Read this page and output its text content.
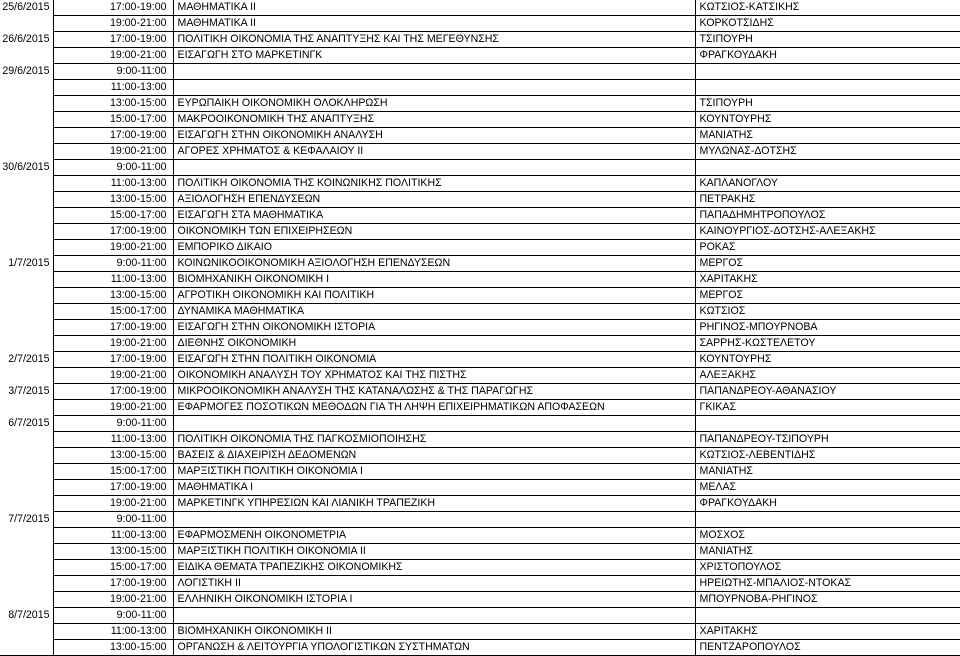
25/6/2015	17:00-19:00	ΜΑΘΗΜΑΤΙΚΑ ΙΙ	ΚΩΤΣΙΟΣ-ΚΑΤΣΙΚΗΣ
	19:00-21:00	ΜΑΘΗΜΑΤΙΚΑ ΙΙ	ΚΟΡΚΟΤΣΙΔΗΣ
26/6/2015	17:00-19:00	ΠΟΛΙΤΙΚΗ ΟΙΚΟΝΟΜΙΑ ΤΗΣ ΑΝΑΠΤΥΞΗΣ ΚΑΙ ΤΗΣ ΜΕΓΕΘΥΝΣΗΣ	ΤΣΙΠΟΥΡΗ
	19:00-21:00	ΕΙΣΑΓΩΓΗ ΣΤΟ ΜΑΡΚΕΤΙΝΓΚ	ΦΡΑΓΚΟΥΔΑΚΗ
29/6/2015	9:00-11:00		
	11:00-13:00		
	13:00-15:00	ΕΥΡΩΠΑΙΚΗ ΟΙΚΟΝΟΜΙΚΗ ΟΛΟΚΛΗΡΩΣΗ	ΤΣΙΠΟΥΡΗ
	15:00-17:00	ΜΑΚΡΟΟΙΚΟΝΟΜΙΚΗ ΤΗΣ ΑΝΑΠΤΥΞΗΣ	ΚΟΥΝΤΟΥΡΗΣ
	17:00-19:00	ΕΙΣΑΓΩΓΗ ΣΤΗΝ ΟΙΚΟΝΟΜΙΚΗ ΑΝΑΛΥΣΗ	ΜΑΝΙΑΤΗΣ
	19:00-21:00	ΑΓΟΡΕΣ ΧΡΗΜΑΤΟΣ & ΚΕΦΑΛΑΙΟΥ ΙΙ	ΜΥΛΩΝΑΣ-ΔΟΤΣΗΣ
30/6/2015	9:00-11:00		
	11:00-13:00	ΠΟΛΙΤΙΚΗ ΟΙΚΟΝΟΜΙΑ ΤΗΣ ΚΟΙΝΩΝΙΚΗΣ ΠΟΛΙΤΙΚΗΣ	ΚΑΠΛΑΝΟΓΛΟΥ
	13:00-15:00	ΑΞΙΟΛΟΓΗΣΗ ΕΠΕΝΔΥΣΕΩΝ	ΠΕΤΡΑΚΗΣ
	15:00-17:00	ΕΙΣΑΓΩΓΗ ΣΤΑ ΜΑΘΗΜΑΤΙΚΑ	ΠΑΠΑΔΗΜΗΤΡΟΠΟΥΛΟΣ
	17:00-19:00	ΟΙΚΟΝΟΜΙΚΗ ΤΩΝ ΕΠΙΧΕΙΡΗΣΕΩΝ	ΚΑΙΝΟΥΡΓΙΟΣ-ΔΟΤΣΗΣ-ΑΛΕΞΑΚΗΣ
	19:00-21:00	ΕΜΠΟΡΙΚΟ ΔΙΚΑΙΟ	ΡΟΚΑΣ
1/7/2015	9:00-11:00	ΚΟΙΝΩΝΙΚΟΟΙΚΟΝΟΜΙΚΗ ΑΞΙΟΛΟΓΗΣΗ ΕΠΕΝΔΥΣΕΩΝ	ΜΕΡΓΟΣ
	11:00-13:00	ΒΙΟΜΗΧΑΝΙΚΗ ΟΙΚΟΝΟΜΙΚΗ Ι	ΧΑΡΙΤΑΚΗΣ
	13:00-15:00	ΑΓΡΟΤΙΚΗ ΟΙΚΟΝΟΜΙΚΗ ΚΑΙ ΠΟΛΙΤΙΚΗ	ΜΕΡΓΟΣ
	15:00-17:00	ΔΥΝΑΜΙΚΑ ΜΑΘΗΜΑΤΙΚΑ	ΚΩΤΣΙΟΣ
	17:00-19:00	ΕΙΣΑΓΩΓΗ ΣΤΗΝ ΟΙΚΟΝΟΜΙΚΗ ΙΣΤΟΡΙΑ	ΡΗΓΙΝΟΣ-ΜΠΟΥΡΝΟΒΑ
	19:00-21:00	ΔΙΕΘΝΗΣ ΟΙΚΟΝΟΜΙΚΗ	ΣΑΡΡΗΣ-ΚΩΣΤΕΛΕΤΟΥ
2/7/2015	17:00-19:00	ΕΙΣΑΓΩΓΗ ΣΤΗΝ ΠΟΛΙΤΙΚΗ ΟΙΚΟΝΟΜΙΑ	ΚΟΥΝΤΟΥΡΗΣ
	19:00-21:00	ΟΙΚΟΝΟΜΙΚΗ ΑΝΑΛΥΣΗ ΤΟΥ ΧΡΗΜΑΤΟΣ ΚΑΙ ΤΗΣ ΠΙΣΤΗΣ	ΑΛΕΞΑΚΗΣ
3/7/2015	17:00-19:00	ΜΙΚΡΟΟΙΚΟΝΟΜΙΚΗ ΑΝΑΛΥΣΗ ΤΗΣ ΚΑΤΑΝΑΛΩΣΗΣ & ΤΗΣ ΠΑΡΑΓΩΓΗΣ	ΠΑΠΑΝΔΡΕΟΥ-ΑΘΑΝΑΣΙΟΥ
	19:00-21:00	ΕΦΑΡΜΟΓΕΣ ΠΟΣΟΤΙΚΩΝ ΜΕΘΟΔΩΝ ΓΙΑ ΤΗ ΛΗΨΗ ΕΠΙΧΕΙΡΗΜΑΤΙΚΩΝ ΑΠΟΦΑΣΕΩΝ	ΓΚΙΚΑΣ
6/7/2015	9:00-11:00		
	11:00-13:00	ΠΟΛΙΤΙΚΗ ΟΙΚΟΝΟΜΙΑ ΤΗΣ ΠΑΓΚΟΣΜΙΟΠΟΙΗΣΗΣ	ΠΑΠΑΝΔΡΕΟΥ-ΤΣΙΠΟΥΡΗ
	13:00-15:00	ΒΑΣΕΙΣ & ΔΙΑΧΕΙΡΙΣΗ ΔΕΔΟΜΕΝΩΝ	ΚΩΤΣΙΟΣ-ΛΕΒΕΝΤΙΔΗΣ
	15:00-17:00	ΜΑΡΞΙΣΤΙΚΗ ΠΟΛΙΤΙΚΗ ΟΙΚΟΝΟΜΙΑ Ι	ΜΑΝΙΑΤΗΣ
	17:00-19:00	ΜΑΘΗΜΑΤΙΚΑ Ι	ΜΕΛΑΣ
	19:00-21:00	ΜΑΡΚΕΤΙΝΓΚ ΥΠΗΡΕΣΙΩΝ ΚΑΙ ΛΙΑΝΙΚΗ ΤΡΑΠΕΖΙΚΗ	ΦΡΑΓΚΟΥΔΑΚΗ
7/7/2015	9:00-11:00		
	11:00-13:00	ΕΦΑΡΜΟΣΜΕΝΗ ΟΙΚΟΝΟΜΕΤΡΙΑ	ΜΟΣΧΟΣ
	13:00-15:00	ΜΑΡΞΙΣΤΙΚΗ ΠΟΛΙΤΙΚΗ ΟΙΚΟΝΟΜΙΑ ΙΙ	ΜΑΝΙΑΤΗΣ
	15:00-17:00	ΕΙΔΙΚΑ ΘΕΜΑΤΑ ΤΡΑΠΕΖΙΚΗΣ ΟΙΚΟΝΟΜΙΚΗΣ	ΧΡΙΣΤΟΠΟΥΛΟΣ
	17:00-19:00	ΛΟΓΙΣΤΙΚΗ ΙΙ	ΗΡΕΙΩΤΗΣ-ΜΠΑΛΙΟΣ-ΝΤΟΚΑΣ
	19:00-21:00	ΕΛΛΗΝΙΚΗ ΟΙΚΟΝΟΜΙΚΗ ΙΣΤΟΡΙΑ Ι	ΜΠΟΥΡΝΟΒΑ-ΡΗΓΙΝΟΣ
8/7/2015	9:00-11:00		
	11:00-13:00	ΒΙΟΜΗΧΑΝΙΚΗ ΟΙΚΟΝΟΜΙΚΗ ΙΙ	ΧΑΡΙΤΑΚΗΣ
	13:00-15:00	ΟΡΓΑΝΩΣΗ & ΛΕΙΤΟΥΡΓΙΑ ΥΠΟΛΟΓΙΣΤΙΚΩΝ ΣΥΣΤΗΜΑΤΩΝ	ΠΕΝΤΖΑΡΟΠΟΥΛΟΣ
